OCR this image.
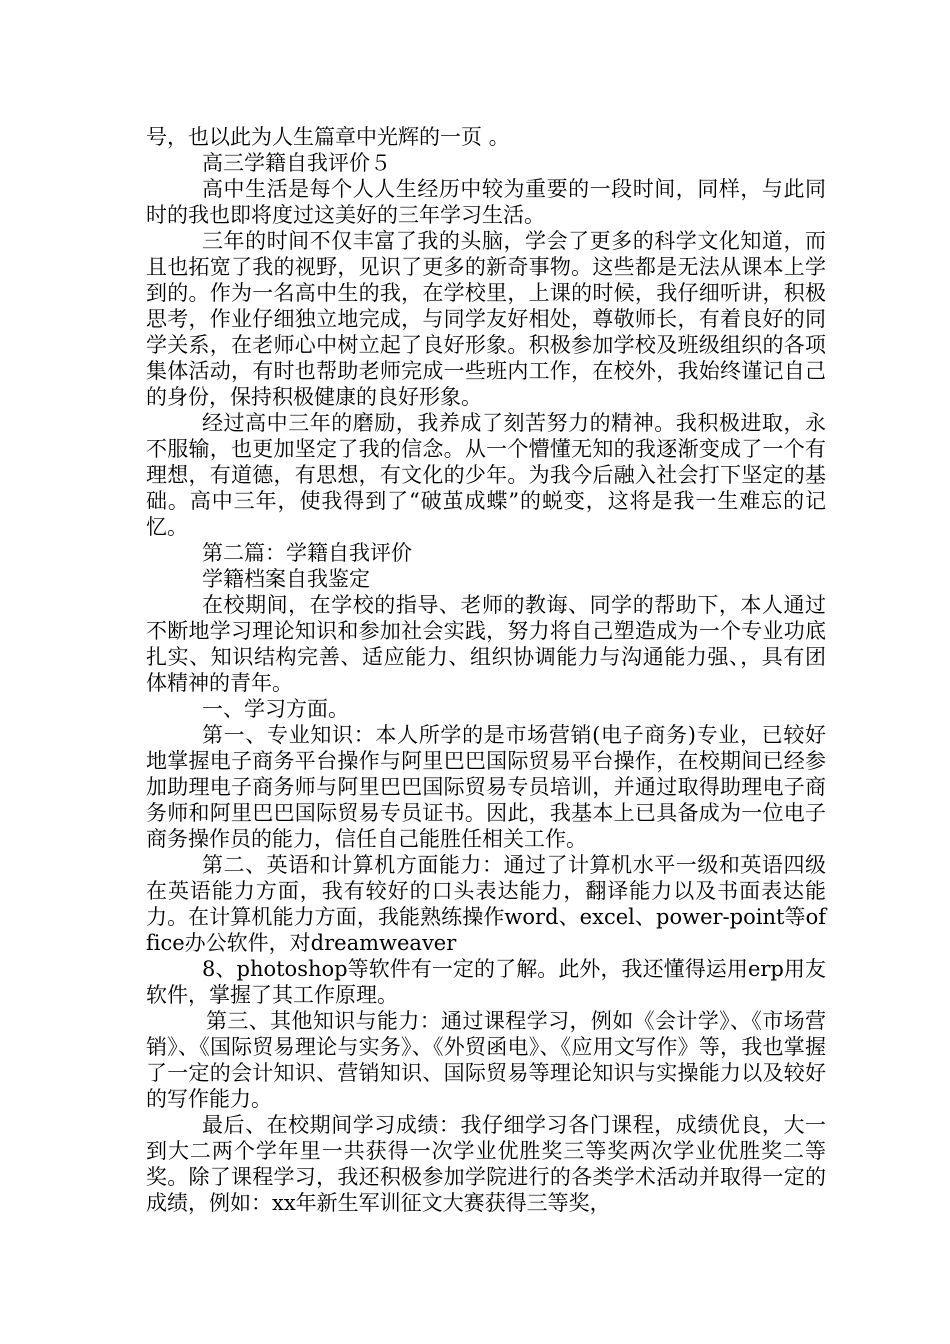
号，也以此为人生篇章中光辉的一页 。

高三学籍自我评价５

高中生活是每个人人生经历中较为重要的一段时间，同样，与此同时的我也即将度过这美好的三年学习生活。

三年的时间不仅丰富了我的头脑，学会了更多的科学文化知道，而且也拓宽了我的视野，见识了更多的新奇事物。这些都是无法从课本上学到的。作为一名高中生的我，在学校里，上课的时候，我仔细听讲，积极思考，作业仔细独立地完成，与同学友好相处，尊敬师长，有着良好的同学关系，在老师心中树立起了良好形象。积极参加学校及班级组织的各项集体活动，有时也帮助老师完成一些班内工作，在校外，我始终谨记自己的身份，保持积极健康的良好形象。

经过高中三年的磨励，我养成了刻苦努力的精神。我积极进取，永不服输，也更加坚定了我的信念。从一个懵懂无知的我逐渐变成了一个有理想，有道德，有思想，有文化的少年。为我今后融入社会打下坚定的基础。高中三年，使我得到了“破茧成蝶”的蜕变，这将是我一生难忘的记忆。

第二篇：学籍自我评价

学籍档案自我鉴定

在校期间，在学校的指导、老师的教诲、同学的帮助下，本人通过不断地学习理论知识和参加社会实践，努力将自己塑造成为一个专业功底扎实、知识结构完善、适应能力、组织协调能力与沟通能力强、，具有团体精神的青年。

一、学习方面。

第一、专业知识：本人所学的是市场营销(电子商务)专业，已较好地掌握电子商务平台操作与阿里巴巴国际贸易平台操作，在校期间已经参加助理电子商务师与阿里巴巴国际贸易专员培训，并通过取得助理电子商务师和阿里巴巴国际贸易专员证书。因此，我基本上已具备成为一位电子商务操作员的能力，信任自己能胜任相关工作。

第二、英语和计算机方面能力：通过了计算机水平一级和英语四级在英语能力方面，我有较好的口头表达能力，翻译能力以及书面表达能力。在计算机能力方面，我能熟练操作word、excel、power-point等office办公软件，对dreamweaver

8、photoshop等软件有一定的了解。此外，我还懂得运用erp用友软件，掌握了其工作原理。

第三、其他知识与能力：通过课程学习，例如《会计学》、《市场营销》、《国际贸易理论与实务》、《外贸函电》、《应用文写作》等，我也掌握了一定的会计知识、营销知识、国际贸易等理论知识与实操能力以及较好的写作能力。

最后、在校期间学习成绩：我仔细学习各门课程，成绩优良，大一到大二两个学年里一共获得一次学业优胜奖三等奖两次学业优胜奖二等奖。除了课程学习，我还积极参加学院进行的各类学术活动并取得一定的成绩，例如：xx年新生军训征文大赛获得三等奖，
